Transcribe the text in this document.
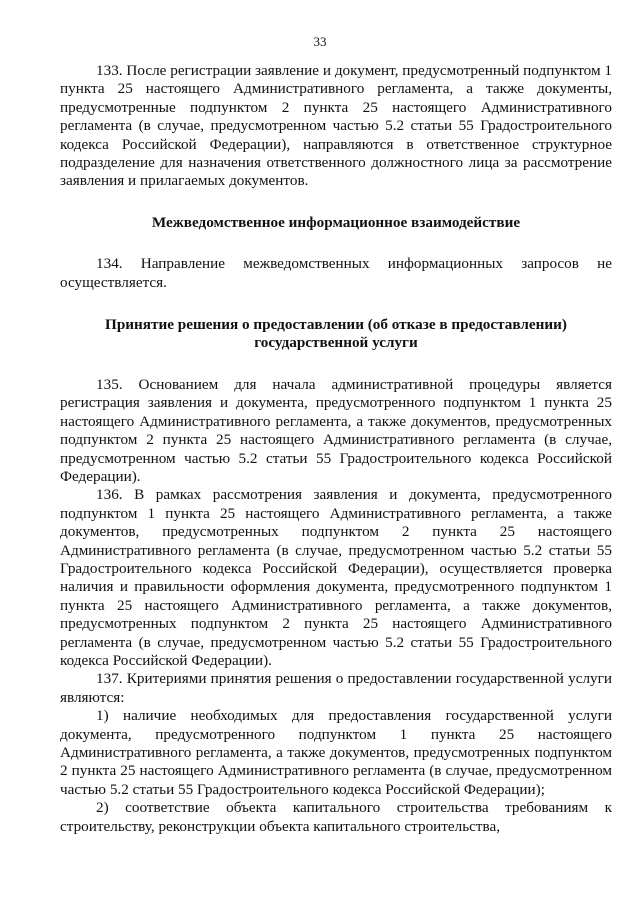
33

133. После регистрации заявление и документ, предусмотренный подпунктом 1 пункта 25 настоящего Административного регламента, а также документы, предусмотренные подпунктом 2 пункта 25 настоящего Административного регламента (в случае, предусмотренном частью 5.2 статьи 55 Градостроительного кодекса Российской Федерации), направляются в ответственное структурное подразделение для назначения ответственного должностного лица за рассмотрение заявления и прилагаемых документов.

Межведомственное информационное взаимодействие

134. Направление межведомственных информационных запросов не осуществляется.

Принятие решения о предоставлении (об отказе в предоставлении) государственной услуги

135. Основанием для начала административной процедуры является регистрация заявления и документа, предусмотренного подпунктом 1 пункта 25 настоящего Административного регламента, а также документов, предусмотренных подпунктом 2 пункта 25 настоящего Административного регламента (в случае, предусмотренном частью 5.2 статьи 55 Градостроительного кодекса Российской Федерации).

136. В рамках рассмотрения заявления и документа, предусмотренного подпунктом 1 пункта 25 настоящего Административного регламента, а также документов, предусмотренных подпунктом 2 пункта 25 настоящего Административного регламента (в случае, предусмотренном частью 5.2 статьи 55 Градостроительного кодекса Российской Федерации), осуществляется проверка наличия и правильности оформления документа, предусмотренного подпунктом 1 пункта 25 настоящего Административного регламента, а также документов, предусмотренных подпунктом 2 пункта 25 настоящего Административного регламента (в случае, предусмотренном частью 5.2 статьи 55 Градостроительного кодекса Российской Федерации).

137. Критериями принятия решения о предоставлении государственной услуги являются:

1) наличие необходимых для предоставления государственной услуги документа, предусмотренного подпунктом 1 пункта 25 настоящего Административного регламента, а также документов, предусмотренных подпунктом 2 пункта 25 настоящего Административного регламента (в случае, предусмотренном частью 5.2 статьи 55 Градостроительного кодекса Российской Федерации);

2) соответствие объекта капитального строительства требованиям к строительству, реконструкции объекта капитального строительства,
